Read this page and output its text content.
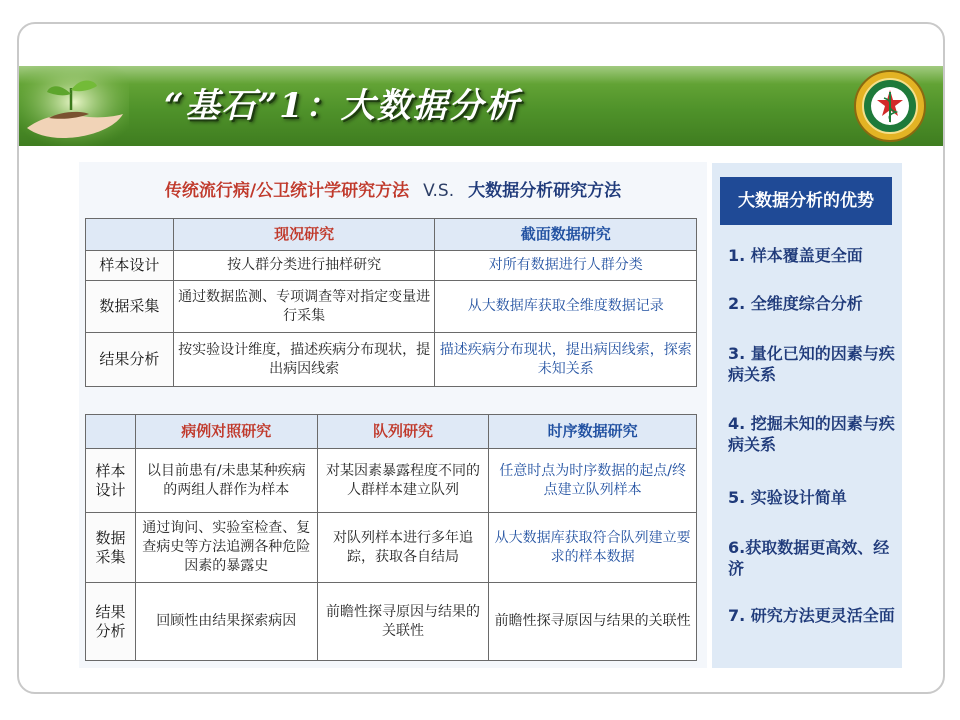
“基石”1：大数据分析
传统流行病/公卫统计学研究方法 V.S. 大数据分析研究方法
	现况研究	截面数据研究
样本设计	按人群分类进行抽样研究	对所有数据进行人群分类
数据采集	通过数据监测、专项调查等对指定变量进行采集	从大数据库获取全维度数据记录
结果分析	按实验设计维度，描述疾病分布现状，提出病因线索	描述疾病分布现状，提出病因线索，探索未知关系
	病例对照研究	队列研究	时序数据研究
样本设计	以目前患有/未患某种疾病的两组人群作为样本	对某因素暴露程度不同的人群样本建立队列	任意时点为时序数据的起点/终点建立队列样本
数据采集	通过询问、实验室检查、复查病史等方法追溯各种危险因素的暴露史	对队列样本进行多年追踪，获取各自结局	从大数据库获取符合队列建立要求的样本数据
结果分析	回顾性由结果探索病因	前瞻性探寻原因与结果的关联性	前瞻性探寻原因与结果的关联性
大数据分析的优势
1. 样本覆盖更全面
2. 全维度综合分析
3. 量化已知的因素与疾病关系
4. 挖掘未知的因素与疾病关系
5. 实验设计简单
6.获取数据更高效、经济
7. 研究方法更灵活全面
